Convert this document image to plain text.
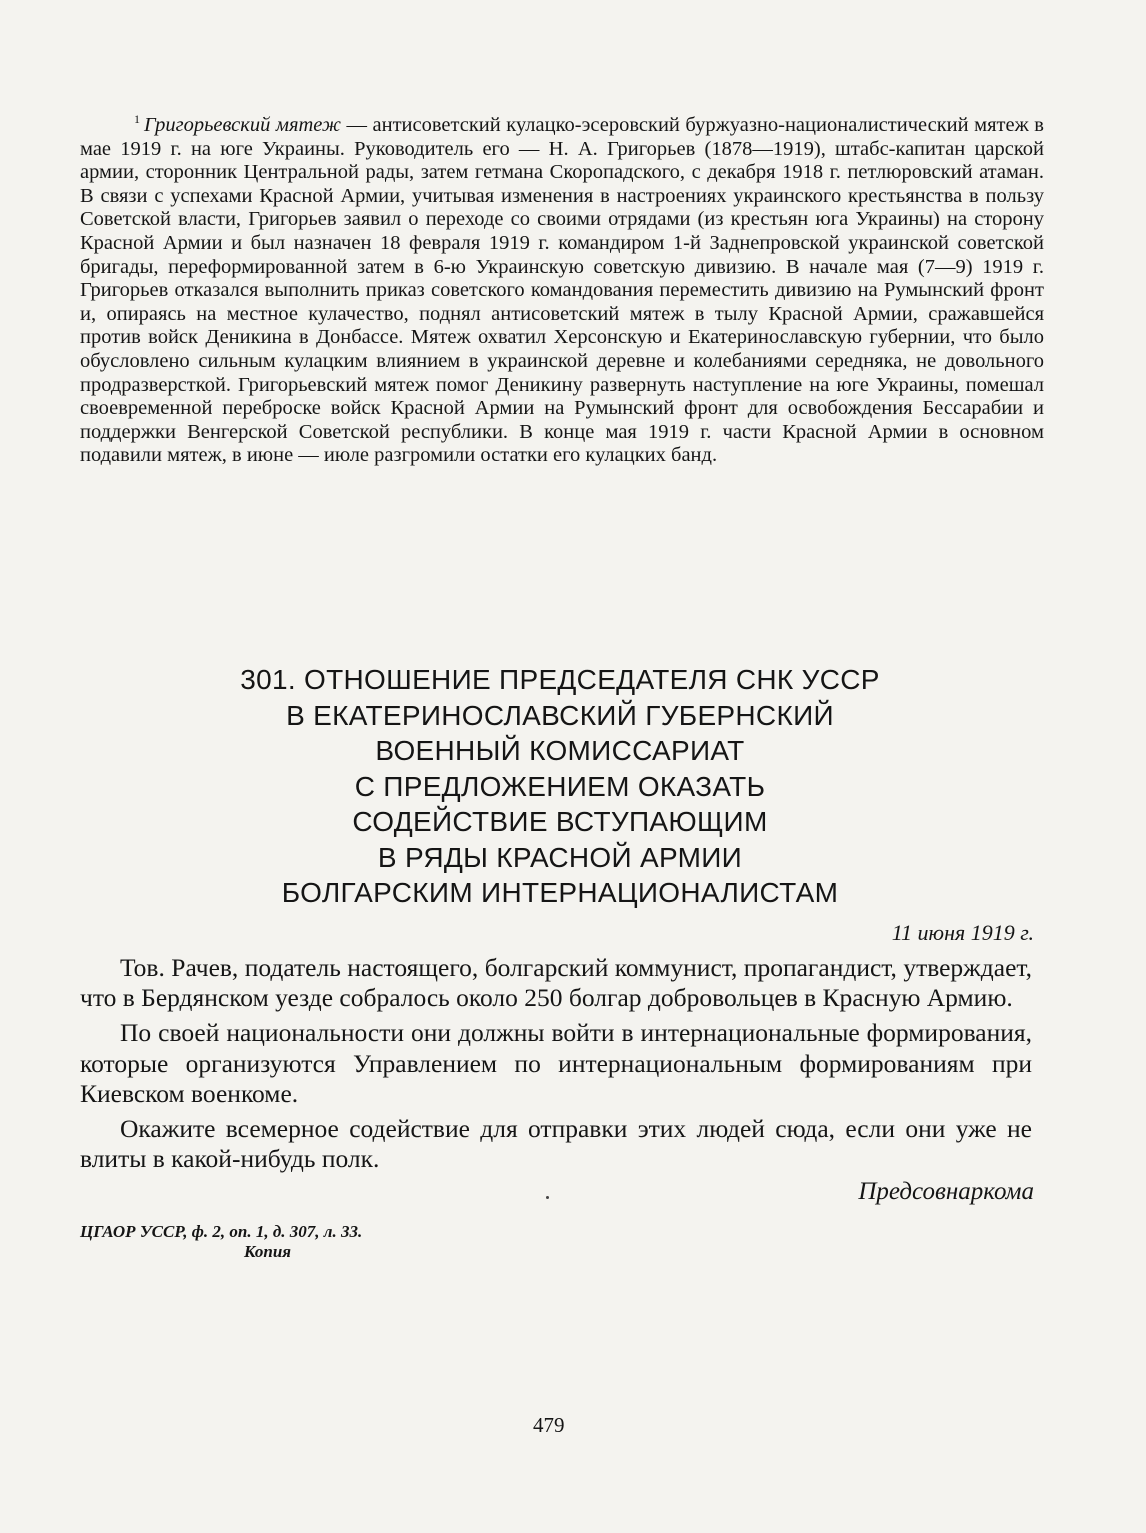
$^1$ Григорьевский мятеж — антисоветский кулацко-эсеровский буржуазно-националистический мятеж в мае 1919 г. на юге Украины. Руководитель его — Н. А. Григорьев (1878—1919), штабс-капитан царской армии, сторонник Центральной рады, затем гетмана Скоропадского, с декабря 1918 г. петлюровский атаман. В связи с успехами Красной Армии, учитывая изменения в настроениях украинского крестьянства в пользу Советской власти, Григорьев заявил о переходе со своими отрядами (из крестьян юга Украины) на сторону Красной Армии и был назначен 18 февраля 1919 г. командиром 1-й Заднепровской украинской советской бригады, переформированной затем в 6-ю Украинскую советскую дивизию. В начале мая (7—9) 1919 г. Григорьев отказался выполнить приказ советского командования переместить дивизию на Румынский фронт и, опираясь на местное кулачество, поднял антисоветский мятеж в тылу Красной Армии, сражавшейся против войск Деникина в Донбассе. Мятеж охватил Херсонскую и Екатеринославскую губернии, что было обусловлено сильным кулацким влиянием в украинской деревне и колебаниями середняка, не довольного продразверсткой. Григорьевский мятеж помог Деникину развернуть наступление на юге Украины, помешал своевременной переброске войск Красной Армии на Румынский фронт для освобождения Бессарабии и поддержки Венгерской Советской республики. В конце мая 1919 г. части Красной Армии в основном подавили мятеж, в июне — июле разгромили остатки его кулацких банд.

301. ОТНОШЕНИЕ ПРЕДСЕДАТЕЛЯ СНК УССР
В ЕКАТЕРИНОСЛАВСКИЙ ГУБЕРНСКИЙ
ВОЕННЫЙ КОМИССАРИАТ
С ПРЕДЛОЖЕНИЕМ ОКАЗАТЬ
СОДЕЙСТВИЕ ВСТУПАЮЩИМ
В РЯДЫ КРАСНОЙ АРМИИ
БОЛГАРСКИМ ИНТЕРНАЦИОНАЛИСТАМ

11 июня 1919 г.

Тов. Рачев, податель настоящего, болгарский коммунист, пропагандист, утверждает, что в Бердянском уезде собралось около 250 болгар добровольцев в Красную Армию.

По своей национальности они должны войти в интернациональные формирования, которые организуются Управлением по интернациональным формированиям при Киевском военкоме.

Окажите всемерное содействие для отправки этих людей сюда, если они уже не влиты в какой-нибудь полк.

Предсовнаркома

ЦГАОР УССР, ф. 2, оп. 1, д. 307, л. 33.
Копия

479
